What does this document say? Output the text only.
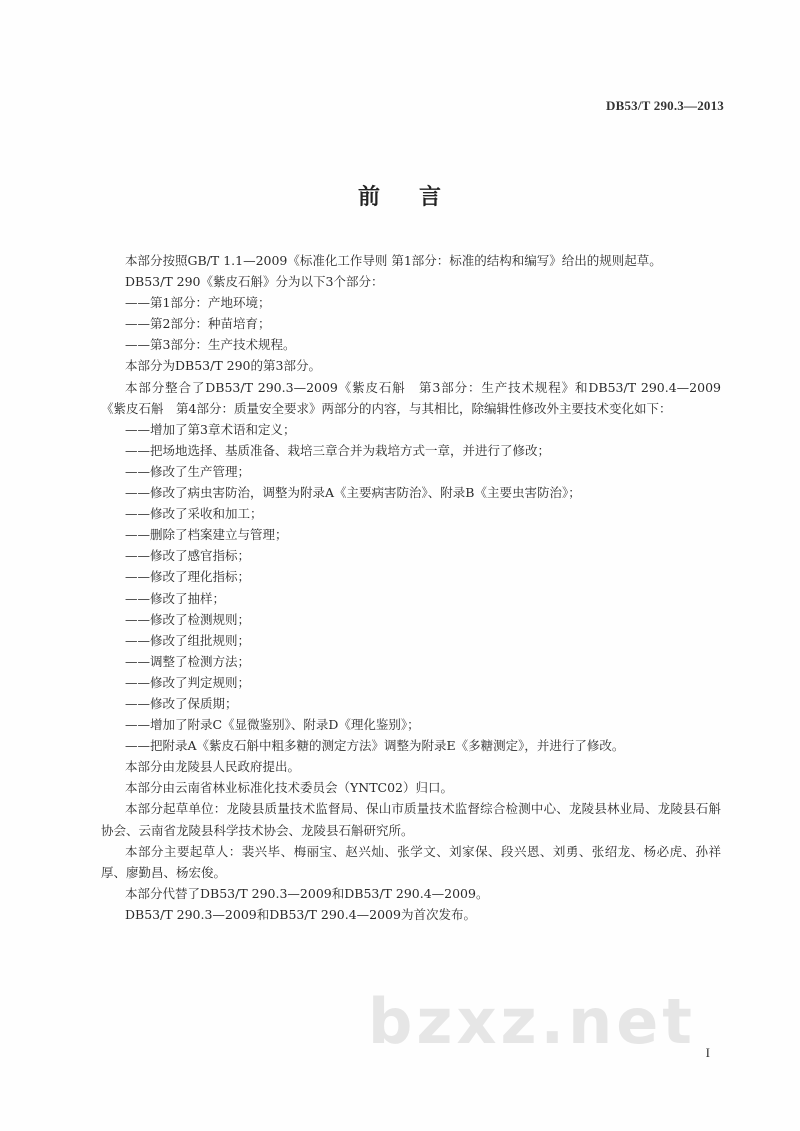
DB53/T 290.3—2013
前 言

本部分按照GB/T 1.1—2009《标准化工作导则 第1部分：标准的结构和编写》给出的规则起草。

DB53/T 290《紫皮石斛》分为以下3个部分：

——第1部分：产地环境；

——第2部分：种苗培育；

——第3部分：生产技术规程。

本部分为DB53/T 290的第3部分。

本部分整合了DB53/T 290.3—2009《紫皮石斛　第3部分：生产技术规程》和DB53/T 290.4—2009《紫皮石斛　第4部分：质量安全要求》两部分的内容，与其相比，除编辑性修改外主要技术变化如下：

——增加了第3章术语和定义；

——把场地选择、基质准备、栽培三章合并为栽培方式一章，并进行了修改；

——修改了生产管理；

——修改了病虫害防治，调整为附录A《主要病害防治》、附录B《主要虫害防治》；

——修改了采收和加工；

——删除了档案建立与管理；

——修改了感官指标；

——修改了理化指标；

——修改了抽样；

——修改了检测规则；

——修改了组批规则；

——调整了检测方法；

——修改了判定规则；

——修改了保质期；

——增加了附录C《显微鉴别》、附录D《理化鉴别》；

——把附录A《紫皮石斛中粗多糖的测定方法》调整为附录E《多糖测定》，并进行了修改。

本部分由龙陵县人民政府提出。

本部分由云南省林业标准化技术委员会（YNTC02）归口。

本部分起草单位：龙陵县质量技术监督局、保山市质量技术监督综合检测中心、龙陵县林业局、龙陵县石斛协会、云南省龙陵县科学技术协会、龙陵县石斛研究所。

本部分主要起草人：裴兴毕、梅丽宝、赵兴灿、张学文、刘家保、段兴恩、刘勇、张绍龙、杨必虎、孙祥厚、廖勤昌、杨宏俊。

本部分代替了DB53/T 290.3—2009和DB53/T 290.4—2009。

DB53/T 290.3—2009和DB53/T 290.4—2009为首次发布。

bzxz.net I
